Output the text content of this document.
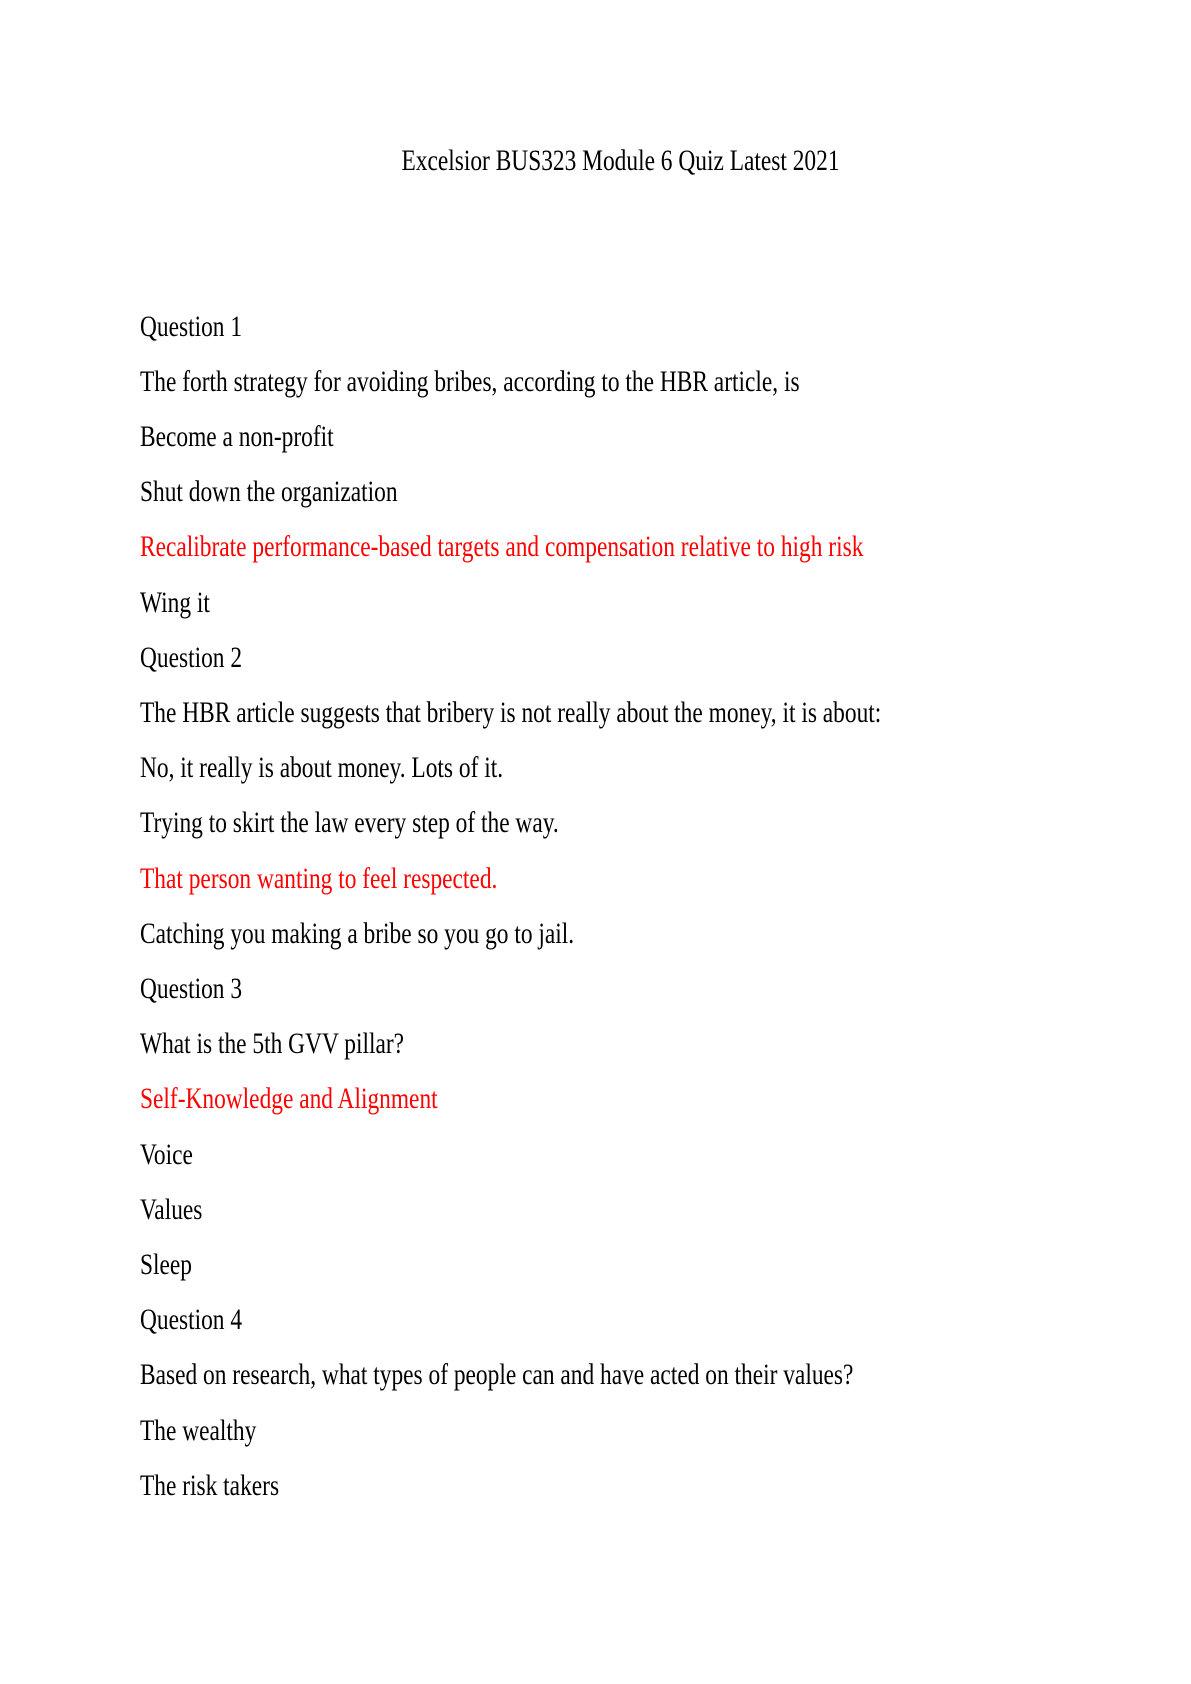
Excelsior BUS323 Module 6 Quiz Latest 2021

Question 1

The forth strategy for avoiding bribes, according to the HBR article, is

Become a non-profit

Shut down the organization

Recalibrate performance-based targets and compensation relative to high risk

Wing it

Question 2

The HBR article suggests that bribery is not really about the money, it is about:

No, it really is about money. Lots of it.

Trying to skirt the law every step of the way.

That person wanting to feel respected.

Catching you making a bribe so you go to jail.

Question 3

What is the 5th GVV pillar?

Self-Knowledge and Alignment

Voice

Values

Sleep

Question 4

Based on research, what types of people can and have acted on their values?

The wealthy

The risk takers
